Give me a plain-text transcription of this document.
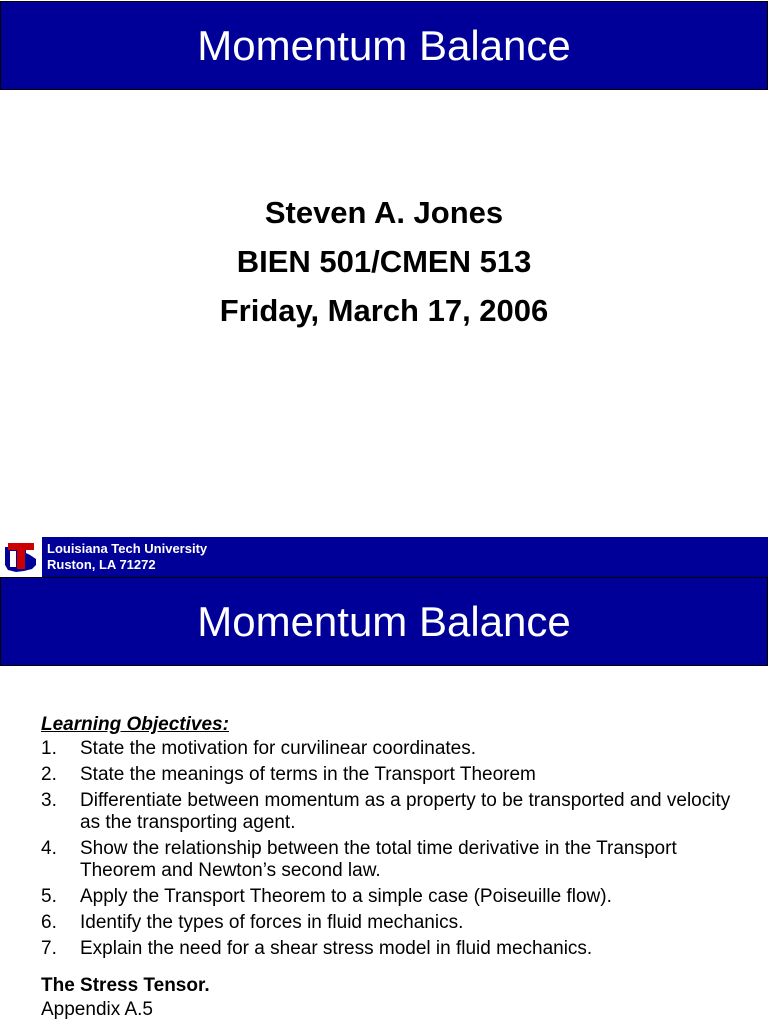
Momentum Balance
Steven A. Jones
BIEN 501/CMEN 513
Friday, March 17, 2006
Louisiana Tech University
Ruston, LA 71272
Momentum Balance
Learning Objectives:
1.	State the motivation for curvilinear coordinates.
2.	State the meanings of terms in the Transport Theorem
3.	Differentiate between momentum as a property to be transported and velocity as the transporting agent.
4.	Show the relationship between the total time derivative in the Transport Theorem and Newton’s second law.
5.	Apply the Transport Theorem to a simple case (Poiseuille flow).
6.	Identify the types of forces in fluid mechanics.
7.	Explain the need for a shear stress model in fluid mechanics.
The Stress Tensor.
Appendix A.5
